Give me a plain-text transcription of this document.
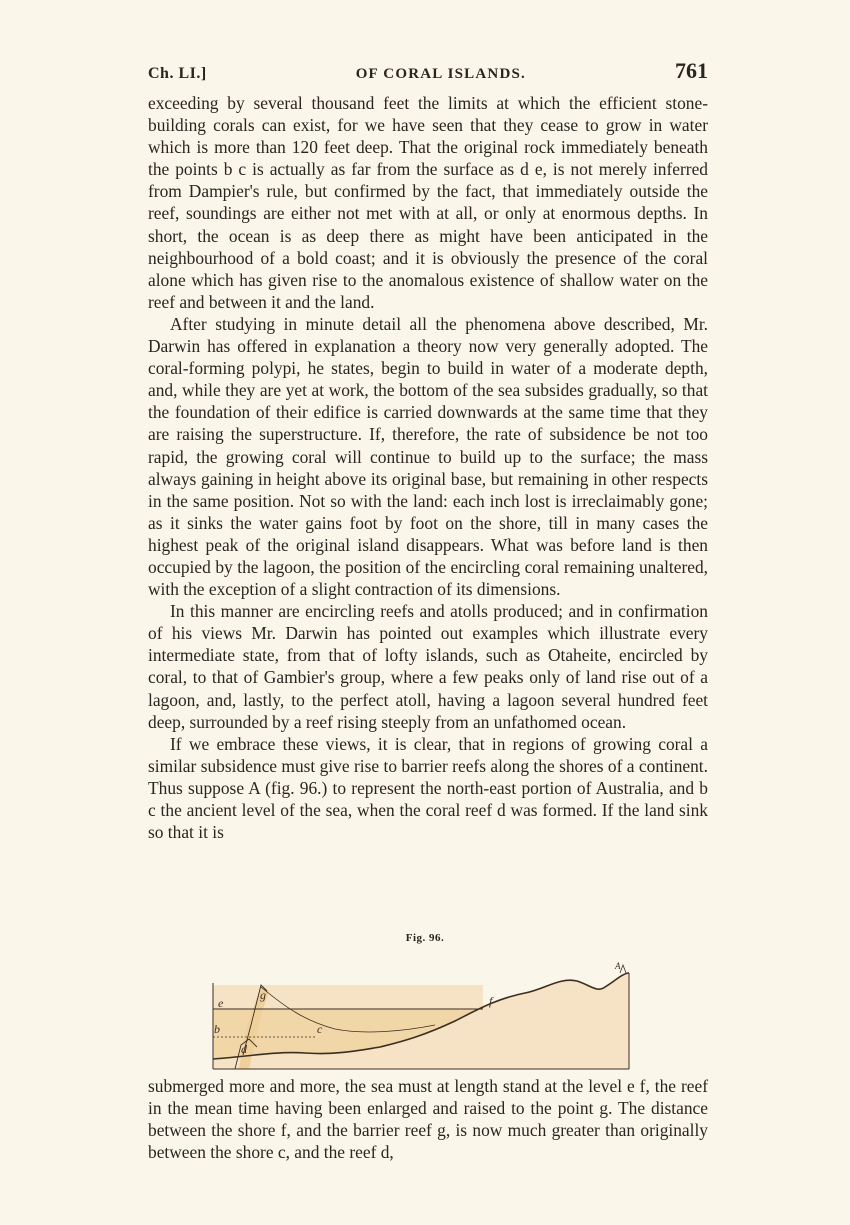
Ch. LI.]	OF CORAL ISLANDS.	761

exceeding by several thousand feet the limits at which the efficient stone-building corals can exist, for we have seen that they cease to grow in water which is more than 120 feet deep. That the original rock immediately beneath the points b c is actually as far from the surface as d e, is not merely inferred from Dampier's rule, but confirmed by the fact, that immediately outside the reef, soundings are either not met with at all, or only at enormous depths. In short, the ocean is as deep there as might have been anticipated in the neighbourhood of a bold coast; and it is obviously the presence of the coral alone which has given rise to the anomalous existence of shallow water on the reef and between it and the land.

After studying in minute detail all the phenomena above described, Mr. Darwin has offered in explanation a theory now very generally adopted. The coral-forming polypi, he states, begin to build in water of a moderate depth, and, while they are yet at work, the bottom of the sea subsides gradually, so that the foundation of their edifice is carried downwards at the same time that they are raising the superstructure. If, therefore, the rate of subsidence be not too rapid, the growing coral will continue to build up to the surface; the mass always gaining in height above its original base, but remaining in other respects in the same position. Not so with the land: each inch lost is irreclaimably gone; as it sinks the water gains foot by foot on the shore, till in many cases the highest peak of the original island disappears. What was before land is then occupied by the lagoon, the position of the encircling coral remaining unaltered, with the exception of a slight contraction of its dimensions.

In this manner are encircling reefs and atolls produced; and in confirmation of his views Mr. Darwin has pointed out examples which illustrate every intermediate state, from that of lofty islands, such as Otaheite, encircled by coral, to that of Gambier's group, where a few peaks only of land rise out of a lagoon, and, lastly, to the perfect atoll, having a lagoon several hundred feet deep, surrounded by a reef rising steeply from an unfathomed ocean.

If we embrace these views, it is clear, that in regions of growing coral a similar subsidence must give rise to barrier reefs along the shores of a continent. Thus suppose A (fig. 96.) to represent the north-east portion of Australia, and b c the ancient level of the sea, when the coral reef d was formed. If the land sink so that it is

Fig. 96.
e
g	f
b	c
d
A

submerged more and more, the sea must at length stand at the level e f, the reef in the mean time having been enlarged and raised to the point g. The distance between the shore f, and the barrier reef g, is now much greater than originally between the shore c, and the reef d,
